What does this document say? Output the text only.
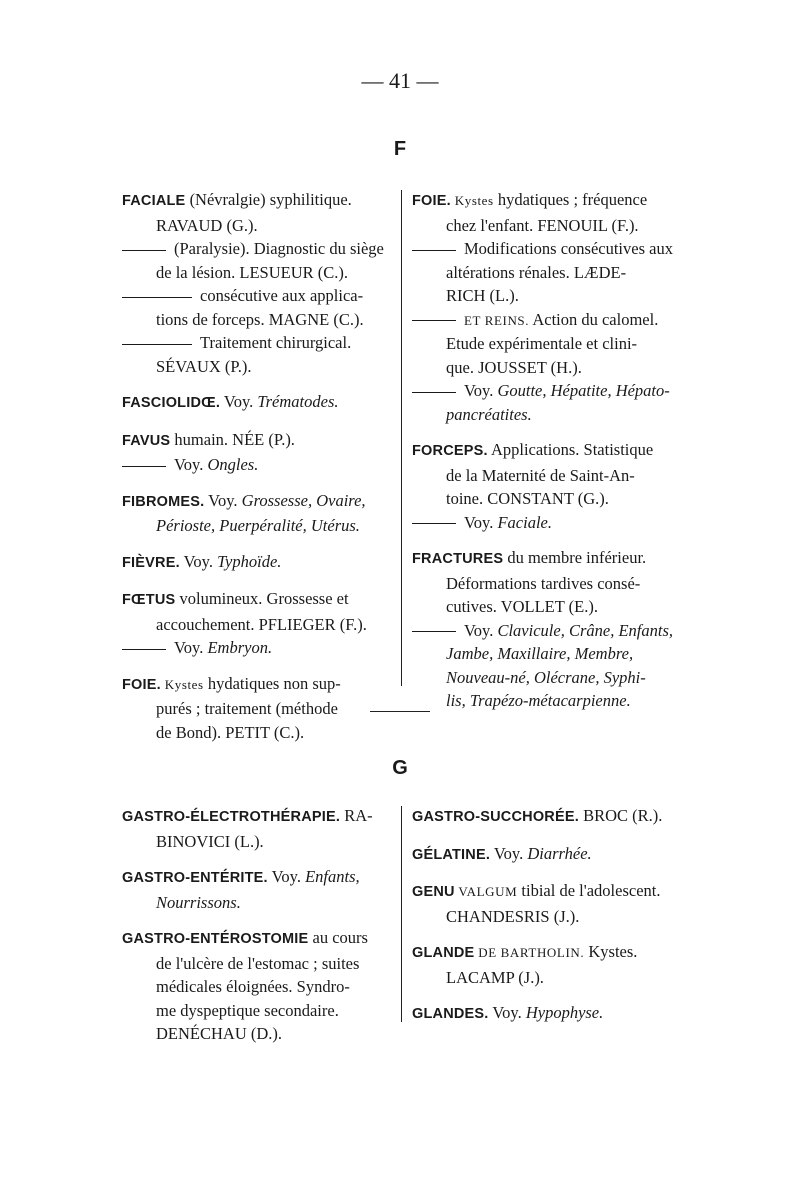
— 41 —
F
FACIALE (Névralgie) syphilitique.
RAVAUD (G.).
(Paralysie). Diagnostic du siège
de la lésion. LESUEUR (C.).
consécutive aux applica-
tions de forceps. MAGNE (C.).
Traitement chirurgical.
SÉVAUX (P.).
FASCIOLIDŒ. Voy. Trématodes.
FAVUS humain. NÉE (P.).
Voy. Ongles.
FIBROMES. Voy. Grossesse, Ovaire,
Périoste, Puerpéralité, Utérus.
FIÈVRE. Voy. Typhoïde.
FŒTUS volumineux. Grossesse et
accouchement. PFLIEGER (F.).
Voy. Embryon.
FOIE. Kystes hydatiques non sup-
purés ; traitement (méthode
de Bond). PETIT (C.).
FOIE. Kystes hydatiques ; fréquence
chez l'enfant. FENOUIL (F.).
Modifications consécutives aux
altérations rénales. LÆDE-
RICH (L.).
ET REINS. Action du calomel.
Etude expérimentale et clini-
que. JOUSSET (H.).
Voy. Goutte, Hépatite, Hépato-
pancréatites.
FORCEPS. Applications. Statistique
de la Maternité de Saint-An-
toine. CONSTANT (G.).
Voy. Faciale.
FRACTURES du membre inférieur.
Déformations tardives consé-
cutives. VOLLET (E.).
Voy. Clavicule, Crâne, Enfants,
Jambe, Maxillaire, Membre,
Nouveau-né, Olécrane, Syphi-
lis, Trapézo-métacarpienne.
G
GASTRO-ÉLECTROTHÉRAPIE. RA-
BINOVICI (L.).
GASTRO-ENTÉRITE. Voy. Enfants,
Nourrissons.
GASTRO-ENTÉROSTOMIE au cours
de l'ulcère de l'estomac ; suites
médicales éloignées. Syndro-
me dyspeptique secondaire.
DENÉCHAU (D.).
GASTRO-SUCCHORÉE. BROC (R.).
GÉLATINE. Voy. Diarrhée.
GENU VALGUM tibial de l'adolescent.
CHANDESRIS (J.).
GLANDE DE BARTHOLIN. Kystes.
LACAMP (J.).
GLANDES. Voy. Hypophyse.
